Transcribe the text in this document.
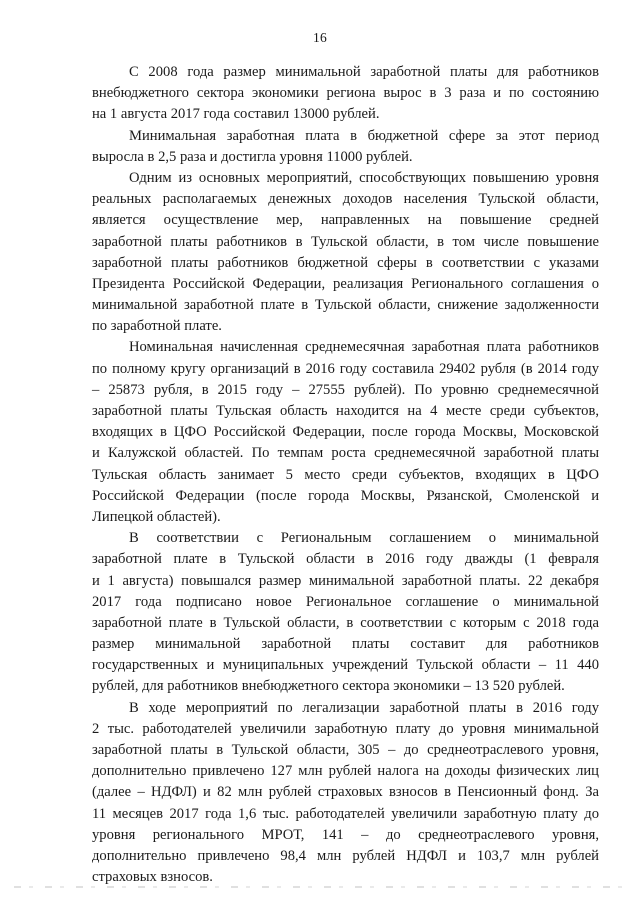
16
С 2008 года размер минимальной заработной платы для работников
внебюджетного сектора экономики региона вырос в 3 раза и по состоянию
на 1 августа 2017 года составил 13000 рублей.
Минимальная заработная плата в бюджетной сфере за этот период
выросла в 2,5 раза и достигла уровня 11000 рублей.
Одним из основных мероприятий, способствующих повышению уровня
реальных располагаемых денежных доходов населения Тульской области,
является осуществление мер, направленных на повышение средней
заработной платы работников в Тульской области, в том числе повышение
заработной платы работников бюджетной сферы в соответствии с указами
Президента Российской Федерации, реализация Регионального соглашения о
минимальной заработной плате в Тульской области, снижение задолженности
по заработной плате.
Номинальная начисленная среднемесячная заработная плата работников
по полному кругу организаций в 2016 году составила 29402 рубля (в 2014 году
– 25873 рубля, в 2015 году – 27555 рублей). По уровню среднемесячной
заработной платы Тульская область находится на 4 месте среди субъектов,
входящих в ЦФО Российской Федерации, после города Москвы, Московской
и Калужской областей. По темпам роста среднемесячной заработной платы
Тульская область занимает 5 место среди субъектов, входящих в ЦФО
Российской Федерации (после города Москвы, Рязанской, Смоленской и
Липецкой областей).
В соответствии с Региональным соглашением о минимальной
заработной плате в Тульской области в 2016 году дважды (1 февраля
и 1 августа) повышался размер минимальной заработной платы. 22 декабря
2017 года подписано новое Региональное соглашение о минимальной
заработной плате в Тульской области, в соответствии с которым с 2018 года
размер минимальной заработной платы составит для работников
государственных и муниципальных учреждений Тульской области – 11 440
рублей, для работников внебюджетного сектора экономики – 13 520 рублей.
В ходе мероприятий по легализации заработной платы в 2016 году
2 тыс. работодателей увеличили заработную плату до уровня минимальной
заработной платы в Тульской области, 305 – до среднеотраслевого уровня,
дополнительно привлечено 127 млн рублей налога на доходы физических лиц
(далее – НДФЛ) и 82 млн рублей страховых взносов в Пенсионный фонд. За
11 месяцев 2017 года 1,6 тыс. работодателей увеличили заработную плату до
уровня регионального МРОТ, 141 – до среднеотраслевого уровня,
дополнительно привлечено 98,4 млн рублей НДФЛ и 103,7 млн рублей
страховых взносов.
